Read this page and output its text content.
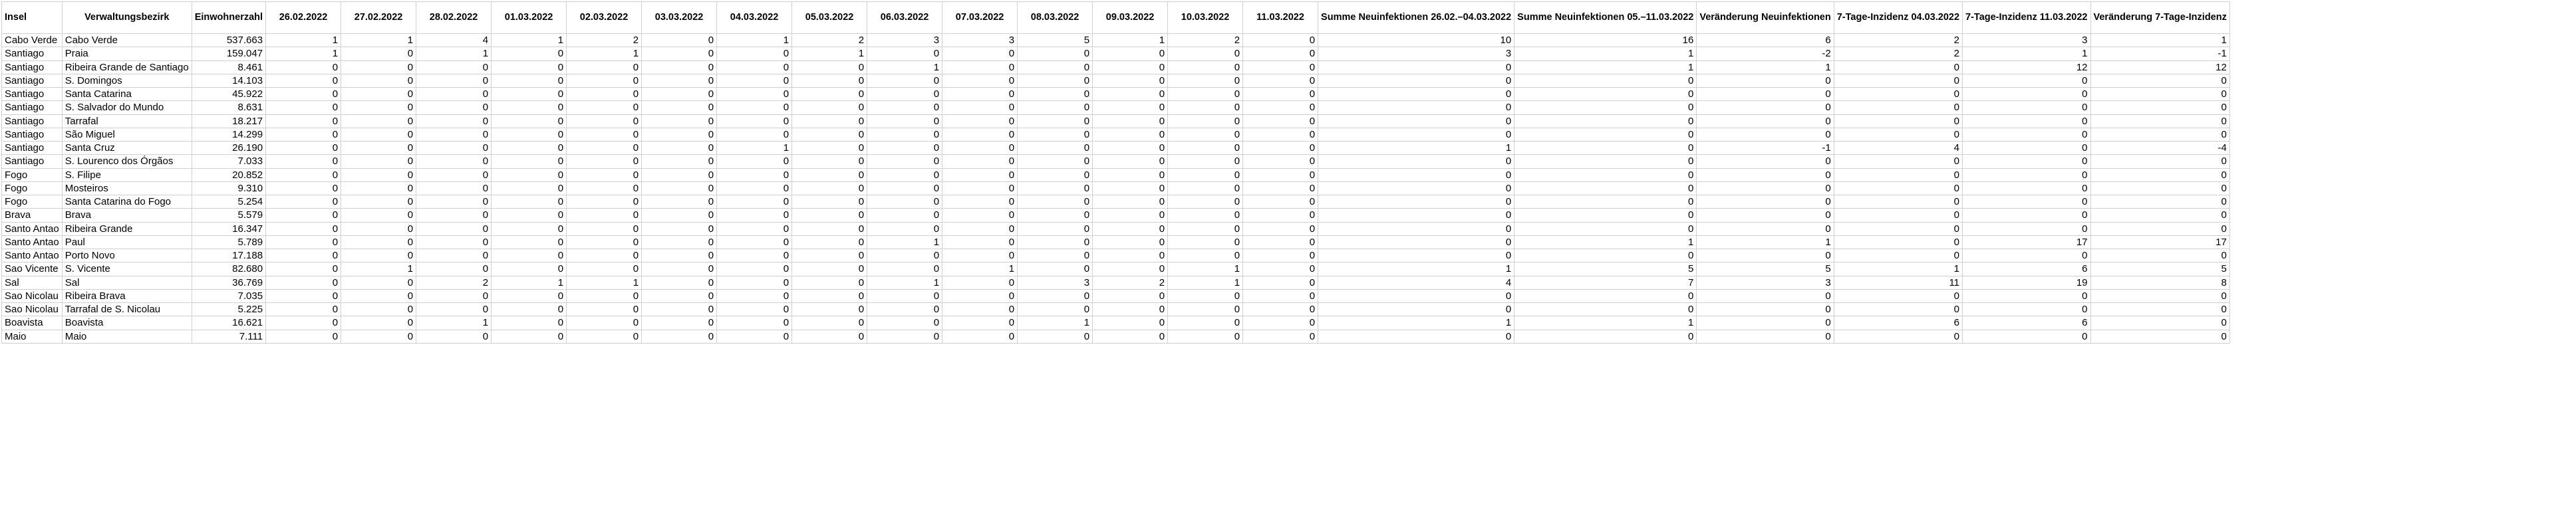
Insel	Verwaltungsbezirk	Einwohnerzahl	26.02.2022	27.02.2022	28.02.2022	01.03.2022	02.03.2022	03.03.2022	04.03.2022	05.03.2022	06.03.2022	07.03.2022	08.03.2022	09.03.2022	10.03.2022	11.03.2022	Summe Neuinfektionen 26.02.–04.03.2022	Summe Neuinfektionen 05.–11.03.2022	Veränderung Neuinfektionen	7-Tage-Inzidenz 04.03.2022	7-Tage-Inzidenz 11.03.2022	Veränderung 7-Tage-Inzidenz
Cabo Verde	Cabo Verde	537.663	1	1	4	1	2	0	1	2	3	3	5	1	2	0	10	16	6	2	3	1
Santiago	Praia	159.047	1	0	1	0	1	0	0	1	0	0	0	0	0	0	3	1	-2	2	1	-1
Santiago	Ribeira Grande de Santiago	8.461	0	0	0	0	0	0	0	0	1	0	0	0	0	0	0	1	1	0	12	12
Santiago	S. Domingos	14.103	0	0	0	0	0	0	0	0	0	0	0	0	0	0	0	0	0	0	0	0
Santiago	Santa Catarina	45.922	0	0	0	0	0	0	0	0	0	0	0	0	0	0	0	0	0	0	0	0
Santiago	S. Salvador do Mundo	8.631	0	0	0	0	0	0	0	0	0	0	0	0	0	0	0	0	0	0	0	0
Santiago	Tarrafal	18.217	0	0	0	0	0	0	0	0	0	0	0	0	0	0	0	0	0	0	0	0
Santiago	São Miguel	14.299	0	0	0	0	0	0	0	0	0	0	0	0	0	0	0	0	0	0	0	0
Santiago	Santa Cruz	26.190	0	0	0	0	0	0	1	0	0	0	0	0	0	0	1	0	-1	4	0	-4
Santiago	S. Lourenco dos Órgãos	7.033	0	0	0	0	0	0	0	0	0	0	0	0	0	0	0	0	0	0	0	0
Fogo	S. Filipe	20.852	0	0	0	0	0	0	0	0	0	0	0	0	0	0	0	0	0	0	0	0
Fogo	Mosteiros	9.310	0	0	0	0	0	0	0	0	0	0	0	0	0	0	0	0	0	0	0	0
Fogo	Santa Catarina do Fogo	5.254	0	0	0	0	0	0	0	0	0	0	0	0	0	0	0	0	0	0	0	0
Brava	Brava	5.579	0	0	0	0	0	0	0	0	0	0	0	0	0	0	0	0	0	0	0	0
Santo Antao	Ribeira Grande	16.347	0	0	0	0	0	0	0	0	0	0	0	0	0	0	0	0	0	0	0	0
Santo Antao	Paul	5.789	0	0	0	0	0	0	0	0	1	0	0	0	0	0	0	1	1	0	17	17
Santo Antao	Porto Novo	17.188	0	0	0	0	0	0	0	0	0	0	0	0	0	0	0	0	0	0	0	0
Sao Vicente	S. Vicente	82.680	0	1	0	0	0	0	0	0	0	1	0	0	1	0	1	5	5	1	6	5
Sal	Sal	36.769	0	0	2	1	1	0	0	0	1	0	3	2	1	0	4	7	3	11	19	8
Sao Nicolau	Ribeira Brava	7.035	0	0	0	0	0	0	0	0	0	0	0	0	0	0	0	0	0	0	0	0
Sao Nicolau	Tarrafal de S. Nicolau	5.225	0	0	0	0	0	0	0	0	0	0	0	0	0	0	0	0	0	0	0	0
Boavista	Boavista	16.621	0	0	1	0	0	0	0	0	0	0	1	0	0	0	1	1	0	6	6	0
Maio	Maio	7.111	0	0	0	0	0	0	0	0	0	0	0	0	0	0	0	0	0	0	0	0
